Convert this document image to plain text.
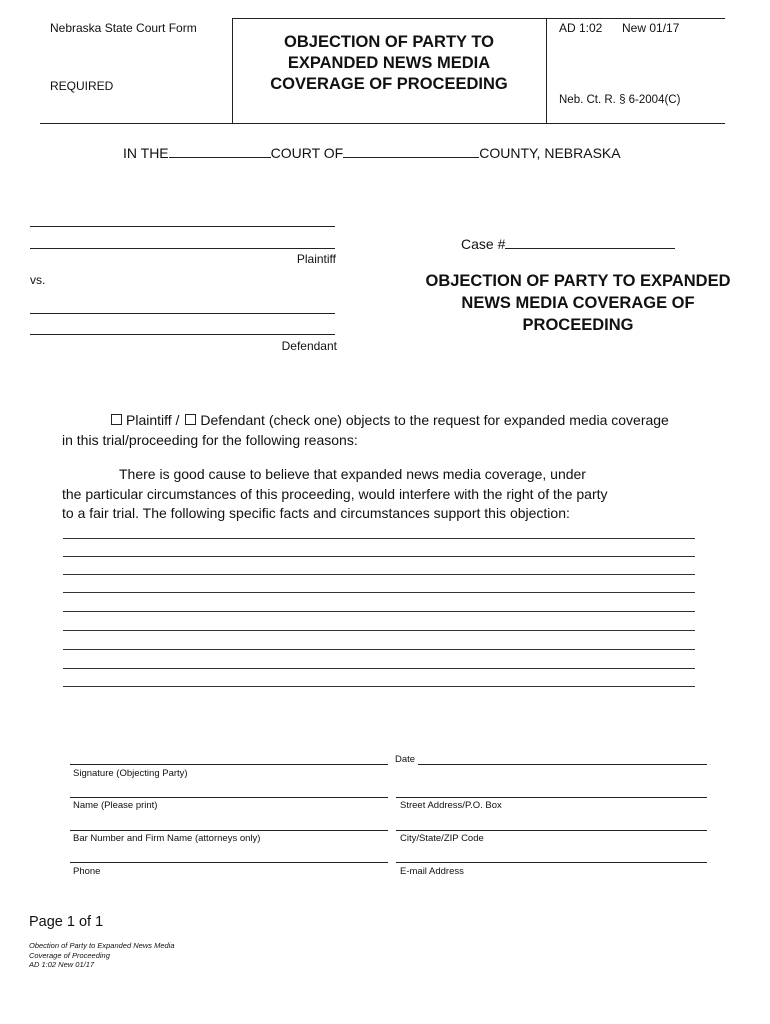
Nebraska State Court Form
REQUIRED
OBJECTION OF PARTY TO
EXPANDED NEWS MEDIA
COVERAGE OF PROCEEDING
AD 1:02 New 01/17
Neb. Ct. R. § 6-2004(C)
IN THE	COURT OF	COUNTY, NEBRASKA
Plaintiff
vs.
Defendant
Case #
OBJECTION OF PARTY TO EXPANDED
NEWS MEDIA COVERAGE OF
PROCEEDING
Plaintiff / Defendant (check one) objects to the request for expanded media coverage
in this trial/proceeding for the following reasons:
There is good cause to believe that expanded news media coverage, under
the particular circumstances of this proceeding, would interfere with the right of the party
to a fair trial. The following specific facts and circumstances support this objection:
Date
Signature (Objecting Party)
Name (Please print)	Street Address/P.O. Box
Bar Number and Firm Name (attorneys only)	City/State/ZIP Code
Phone	E-mail Address
Page 1 of 1
Obection of Party to Expanded News Media
Coverage of Proceeding
AD 1:02 New 01/17
